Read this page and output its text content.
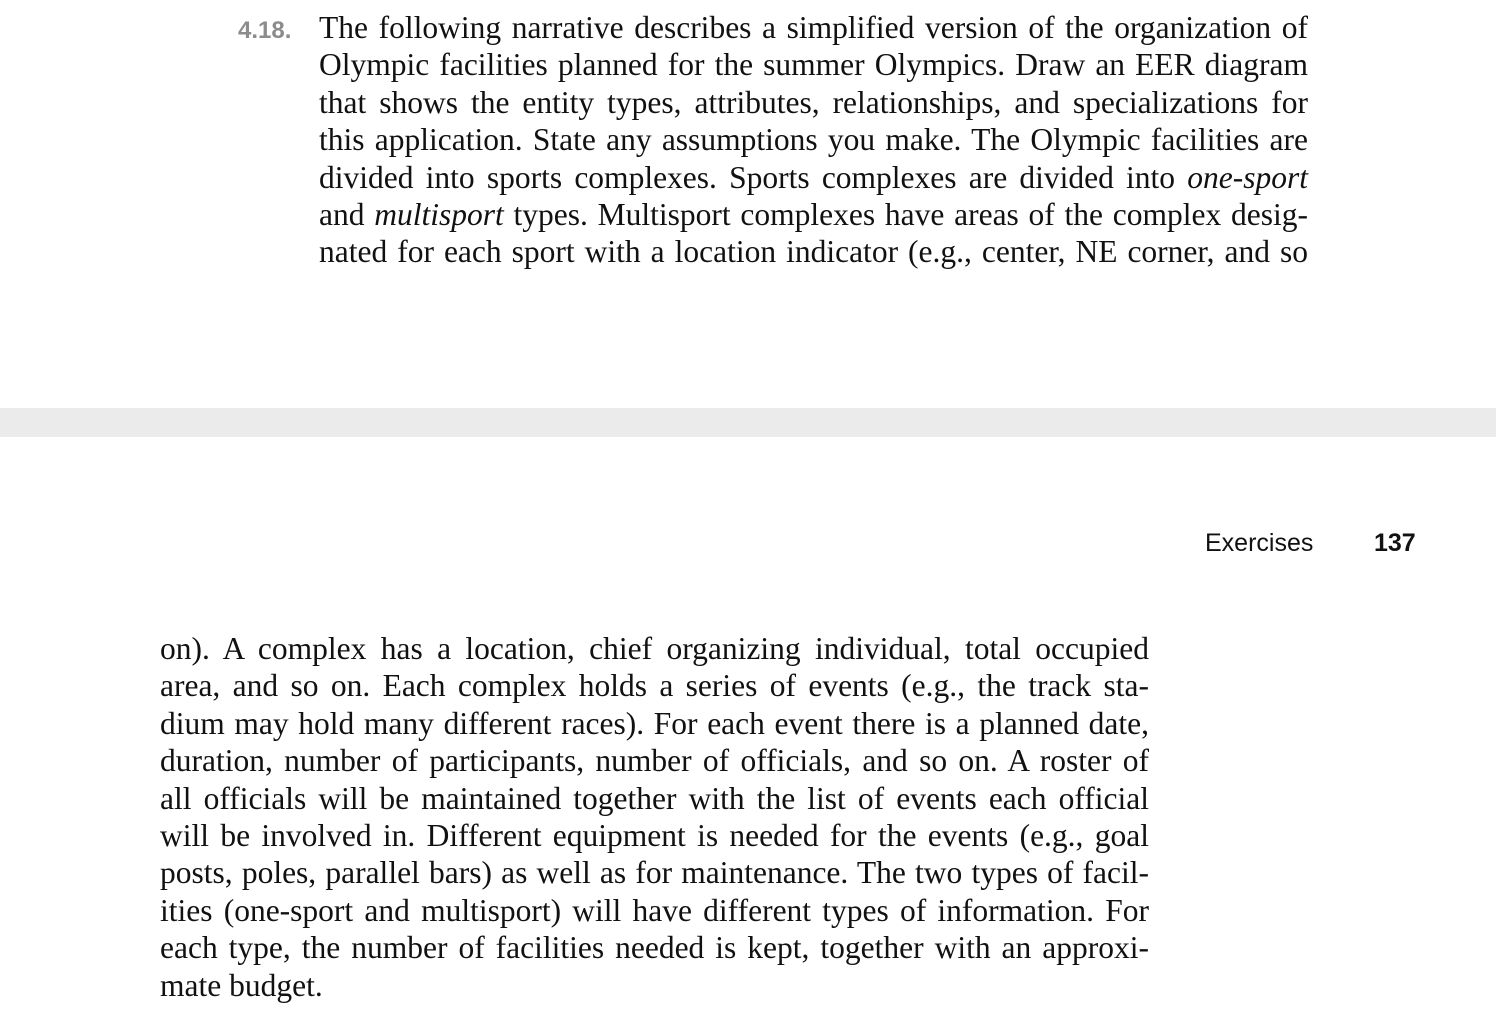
4.18. The following narrative describes a simplified version of the organization of
Olympic facilities planned for the summer Olympics. Draw an EER diagram
that shows the entity types, attributes, relationships, and specializations for
this application. State any assumptions you make. The Olympic facilities are
divided into sports complexes. Sports complexes are divided into one-sport
and multisport types. Multisport complexes have areas of the complex desig-
nated for each sport with a location indicator (e.g., center, NE corner, and so
Exercises 137
on). A complex has a location, chief organizing individual, total occupied
area, and so on. Each complex holds a series of events (e.g., the track sta-
dium may hold many different races). For each event there is a planned date,
duration, number of participants, number of officials, and so on. A roster of
all officials will be maintained together with the list of events each official
will be involved in. Different equipment is needed for the events (e.g., goal
posts, poles, parallel bars) as well as for maintenance. The two types of facil-
ities (one-sport and multisport) will have different types of information. For
each type, the number of facilities needed is kept, together with an approxi-
mate budget.
